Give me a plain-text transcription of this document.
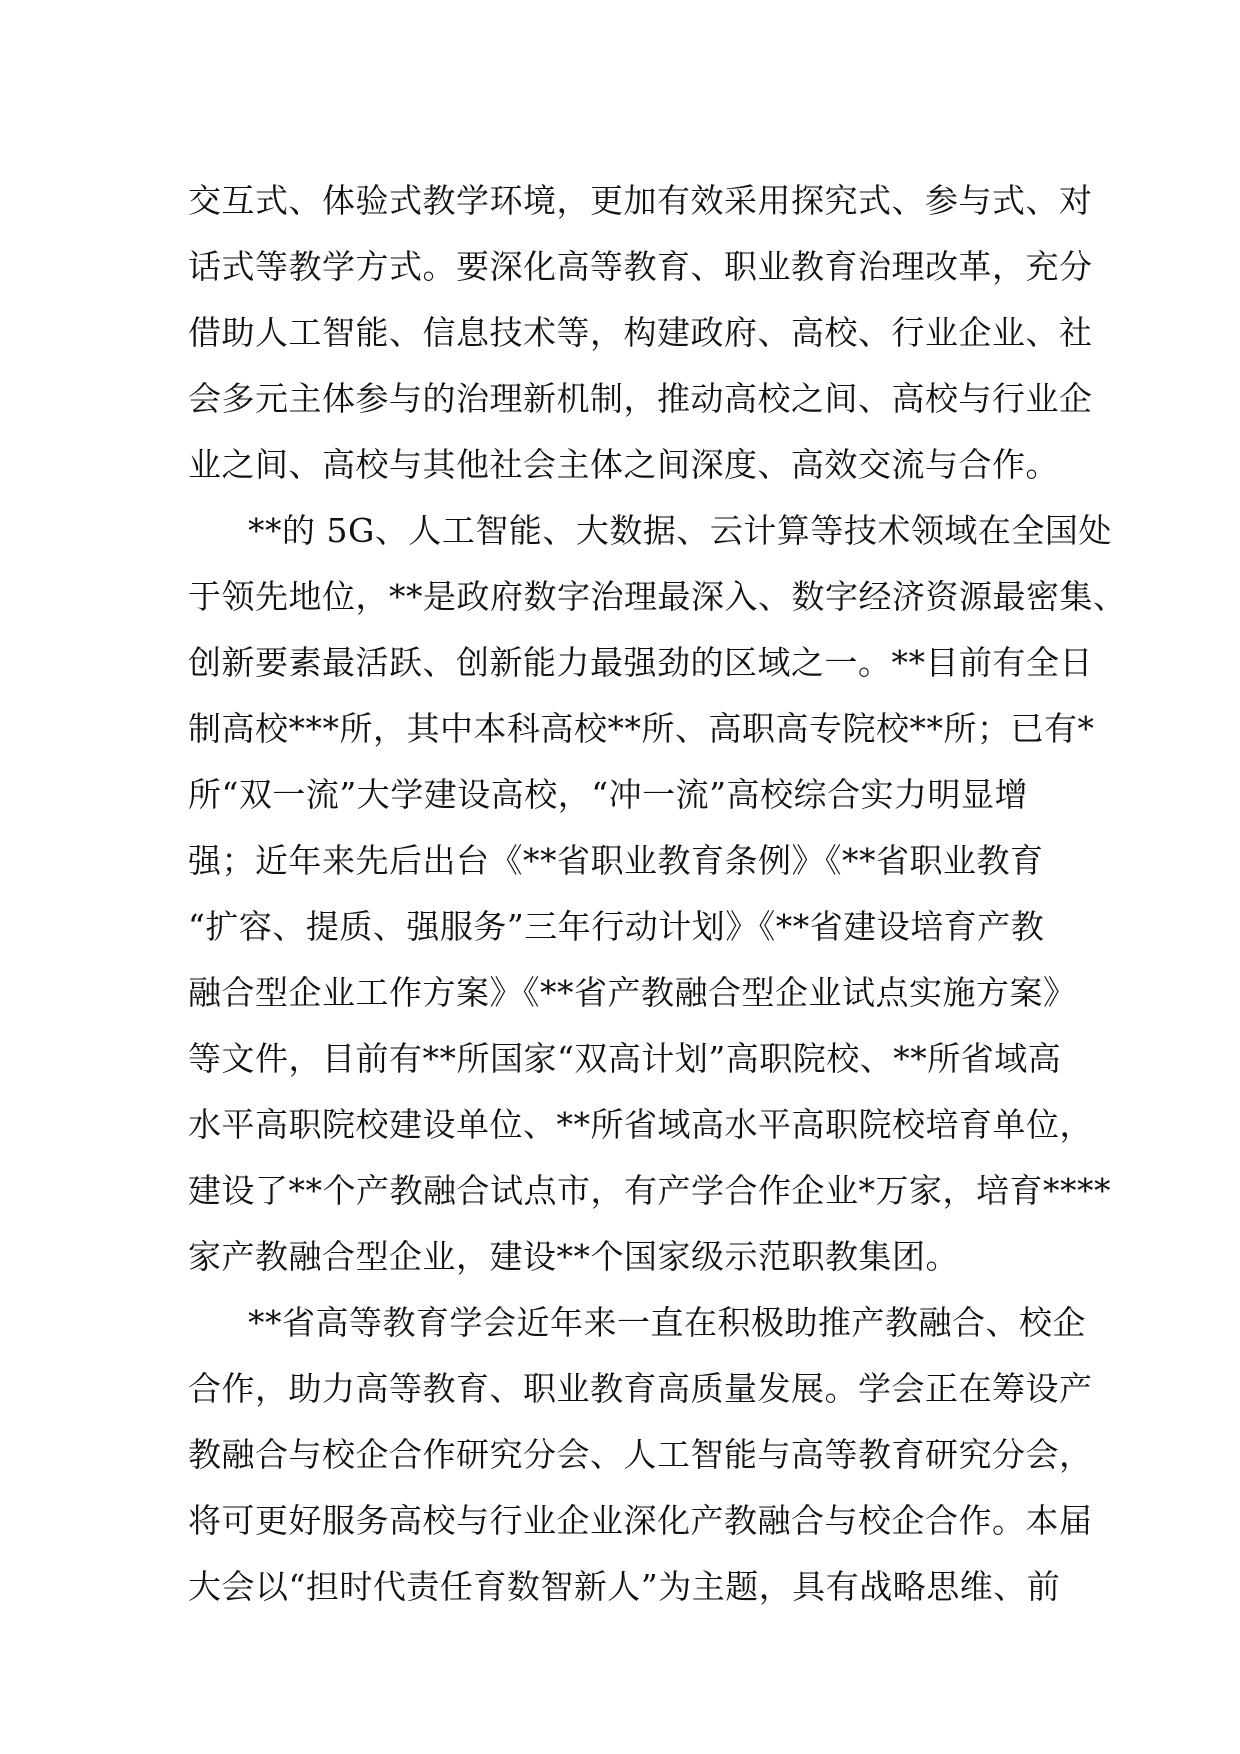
交互式、体验式教学环境，更加有效采用探究式、参与式、对
话式等教学方式。要深化高等教育、职业教育治理改革，充分
借助人工智能、信息技术等，构建政府、高校、行业企业、社
会多元主体参与的治理新机制，推动高校之间、高校与行业企
业之间、高校与其他社会主体之间深度、高效交流与合作。
**的 5G、人工智能、大数据、云计算等技术领域在全国处
于领先地位，**是政府数字治理最深入、数字经济资源最密集、
创新要素最活跃、创新能力最强劲的区域之一。**目前有全日
制高校***所，其中本科高校**所、高职高专院校**所；已有*
所“双一流”大学建设高校，“冲一流”高校综合实力明显增
强；近年来先后出台《**省职业教育条例》《**省职业教育
“扩容、提质、强服务”三年行动计划》《**省建设培育产教
融合型企业工作方案》《**省产教融合型企业试点实施方案》
等文件，目前有**所国家“双高计划”高职院校、**所省域高
水平高职院校建设单位、**所省域高水平高职院校培育单位，
建设了**个产教融合试点市，有产学合作企业*万家，培育****
家产教融合型企业，建设**个国家级示范职教集团。
**省高等教育学会近年来一直在积极助推产教融合、校企
合作，助力高等教育、职业教育高质量发展。学会正在筹设产
教融合与校企合作研究分会、人工智能与高等教育研究分会，
将可更好服务高校与行业企业深化产教融合与校企合作。本届
大会以“担时代责任育数智新人”为主题，具有战略思维、前
